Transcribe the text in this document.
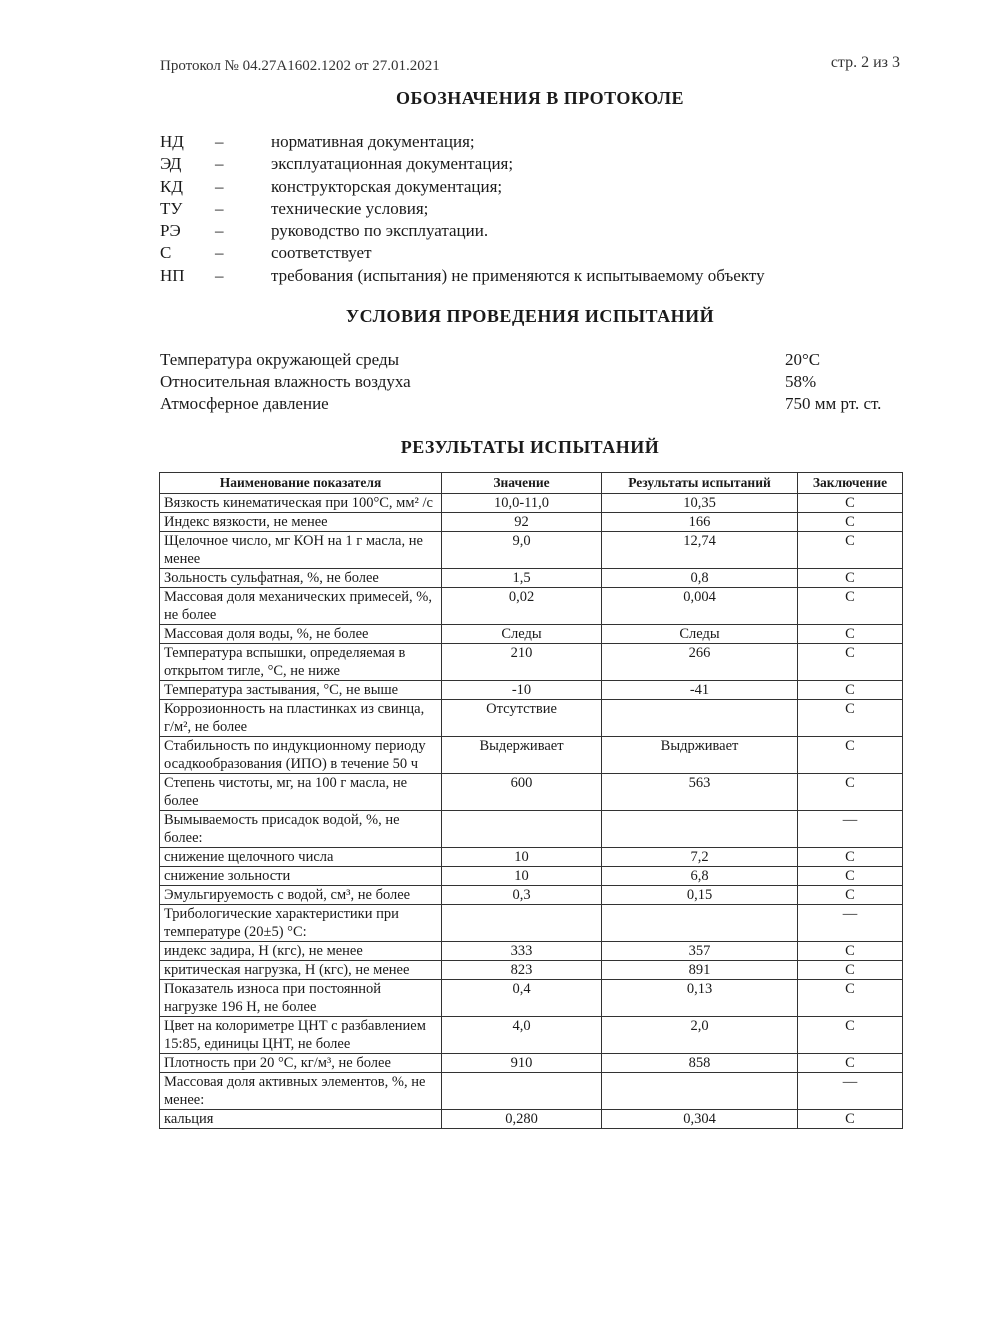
Протокол № 04.27А1602.1202 от 27.01.2021	стр. 2 из 3
ОБОЗНАЧЕНИЯ В ПРОТОКОЛЕ
НД –	нормативная документация;
ЭД –	эксплуатационная документация;
КД –	конструкторская документация;
ТУ –	технические условия;
РЭ –	руководство по эксплуатации.
С	–	соответствует
НП –	требования (испытания) не применяются к испытываемому объекту
УСЛОВИЯ ПРОВЕДЕНИЯ ИСПЫТАНИЙ
Температура окружающей среды	20°С
Относительная влажность воздуха	58%
Атмосферное давление	750 мм рт. ст.
РЕЗУЛЬТАТЫ ИСПЫТАНИЙ
Наименование показателя	Значение	Результаты испытаний	Заключение
Вязкость кинематическая при 100°С, мм² /с	10,0-11,0	10,35	С
Индекс вязкости, не менее	92	166	С
Щелочное число, мг КОН на 1 г масла, не менее	9,0	12,74	С
Зольность сульфатная, %, не более	1,5	0,8	С
Массовая доля механических примесей, %, не более	0,02	0,004	С
Массовая доля воды, %, не более	Следы	Следы	С
Температура вспышки, определяемая в открытом тигле, °С, не ниже	210	266	С
Температура застывания, °С, не выше	-10	-41	С
Коррозионность на пластинках из свинца, г/м², не более	Отсутствие		С
Стабильность по индукционному периоду осадкообразования (ИПО) в течение 50 ч	Выдерживает	Выдрживает	С
Степень чистоты, мг, на 100 г масла, не более	600	563	С
Вымываемость присадок водой, %, не более:			—
снижение щелочного числа	10	7,2	С
снижение зольности	10	6,8	С
Эмульгируемость с водой, см³, не более	0,3	0,15	С
Трибологические характеристики при температуре (20±5) °С:			—
индекс задира, Н (кгс), не менее	333	357	С
критическая нагрузка, Н (кгс), не менее	823	891	С
Показатель износа при постоянной нагрузке 196 Н, не более	0,4	0,13	С
Цвет на колориметре ЦНТ с разбавлением 15:85, единицы ЦНТ, не более	4,0	2,0	С
Плотность при 20 °С, кг/м³, не более	910	858	С
Массовая доля активных элементов, %, не менее:			—
кальция	0,280	0,304	С
